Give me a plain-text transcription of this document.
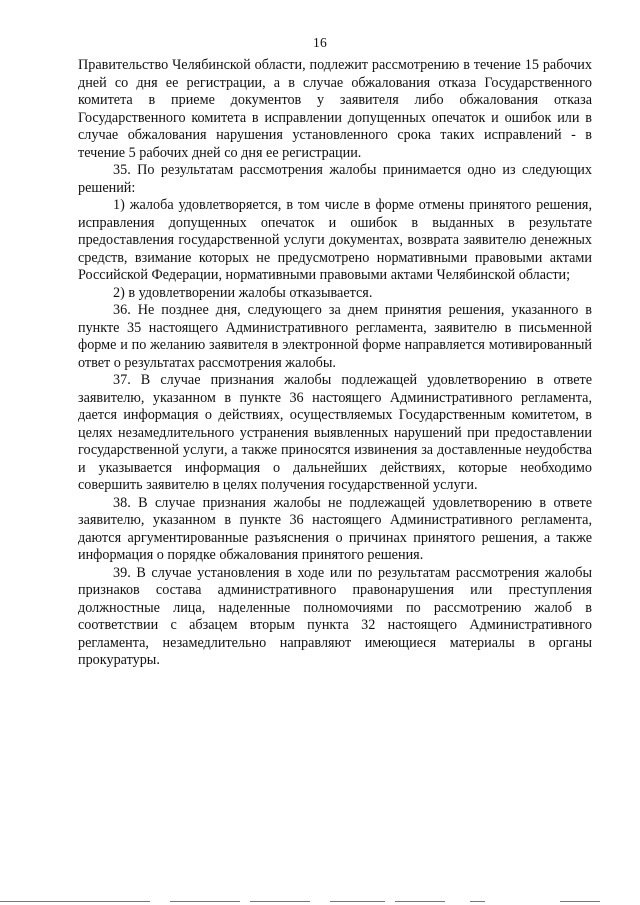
16

Правительство Челябинской области, подлежит рассмотрению в течение 15 рабочих дней со дня ее регистрации, а в случае обжалования отказа Государственного комитета в приеме документов у заявителя либо обжалования отказа Государственного комитета в исправлении допущенных опечаток и ошибок или в случае обжалования нарушения установленного срока таких исправлений - в течение 5 рабочих дней со дня ее регистрации.

35. По результатам рассмотрения жалобы принимается одно из следующих решений:

1) жалоба удовлетворяется, в том числе в форме отмены принятого решения, исправления допущенных опечаток и ошибок в выданных в результате предоставления государственной услуги документах, возврата заявителю денежных средств, взимание которых не предусмотрено нормативными правовыми актами Российской Федерации, нормативными правовыми актами Челябинской области;

2) в удовлетворении жалобы отказывается.

36. Не позднее дня, следующего за днем принятия решения, указанного в пункте 35 настоящего Административного регламента, заявителю в письменной форме и по желанию заявителя в электронной форме направляется мотивированный ответ о результатах рассмотрения жалобы.

37. В случае признания жалобы подлежащей удовлетворению в ответе заявителю, указанном в пункте 36 настоящего Административного регламента, дается информация о действиях, осуществляемых Государственным комитетом, в целях незамедлительного устранения выявленных нарушений при предоставлении государственной услуги, а также приносятся извинения за доставленные неудобства и указывается информация о дальнейших действиях, которые необходимо совершить заявителю в целях получения государственной услуги.

38. В случае признания жалобы не подлежащей удовлетворению в ответе заявителю, указанном в пункте 36 настоящего Административного регламента, даются аргументированные разъяснения о причинах принятого решения, а также информация о порядке обжалования принятого решения.

39. В случае установления в ходе или по результатам рассмотрения жалобы признаков состава административного правонарушения или преступления должностные лица, наделенные полномочиями по рассмотрению жалоб в соответствии с абзацем вторым пункта 32 настоящего Административного регламента, незамедлительно направляют имеющиеся материалы в органы прокуратуры.
